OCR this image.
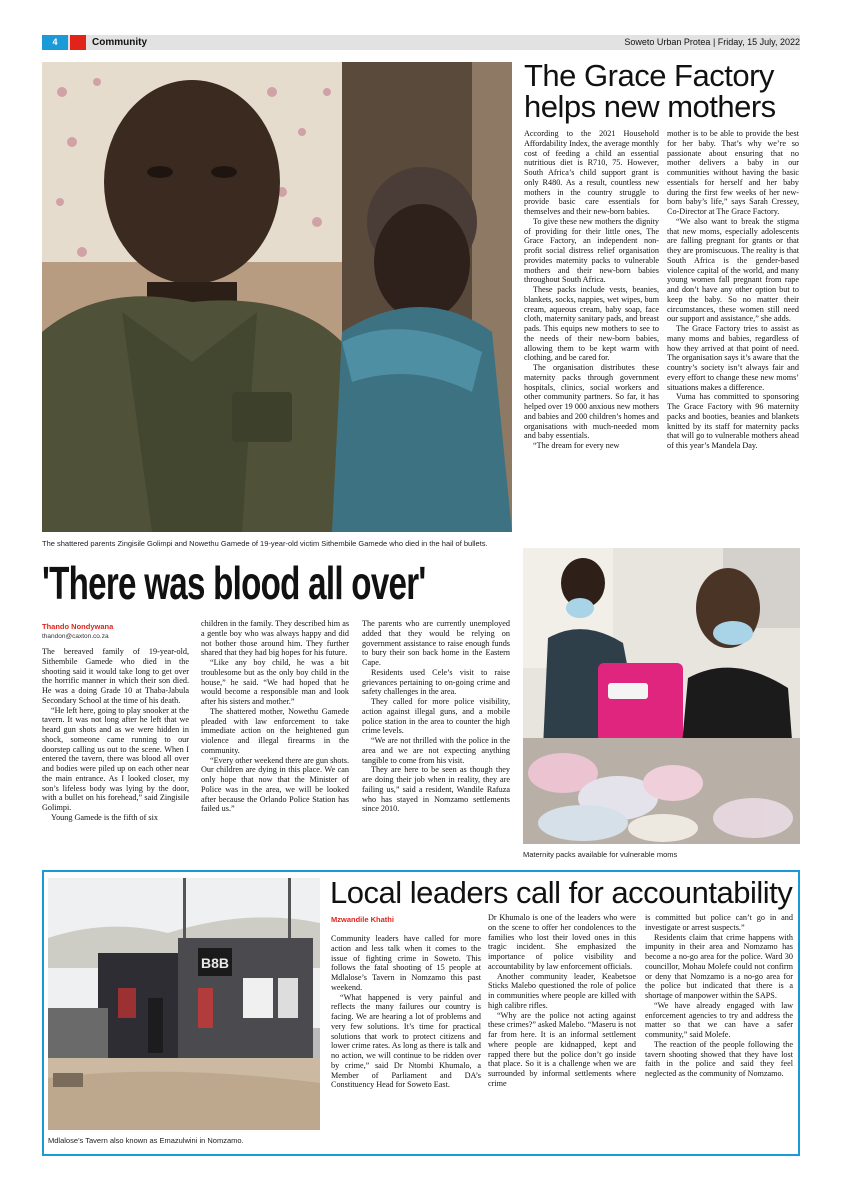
4	Community	Soweto Urban Protea | Friday, 15 July, 2022
The shattered parents Zingisile Golimpi and Nowethu Gamede of 19-year-old victim Sithembile Gamede who died in the hail of bullets.
The Grace Factory helps new mothers

According to the 2021 Household Affordability Index, the average monthly cost of feeding a child an essential nutritious diet is R710, 75. However, South Africa’s child support grant is only R480. As a result, countless new mothers in the country struggle to provide basic care essentials for themselves and their new-born babies.

To give these new mothers the dignity of providing for their little ones, The Grace Factory, an independent non-profit social distress relief organisation provides maternity packs to vulnerable mothers and their new-born babies throughout South Africa.

These packs include vests, beanies, blankets, socks, nappies, wet wipes, bum cream, aqueous cream, baby soap, face cloth, maternity sanitary pads, and breast pads. This equips new mothers to see to the needs of their new-born babies, allowing them to be kept warm with clothing, and be cared for.

The organisation distributes these maternity packs through government hospitals, clinics, social workers and other community partners. So far, it has helped over 19 000 anxious new mothers and babies and 200 children’s homes and organisations with much-needed mom and baby essentials.

“The dream for every new

mother is to be able to provide the best for her baby. That’s why we’re so passionate about ensuring that no mother delivers a baby in our communities without having the basic essentials for herself and her baby during the first few weeks of her new-born baby’s life,” says Sarah Cressey, Co-Director at The Grace Factory.

“We also want to break the stigma that new moms, especially adolescents are falling pregnant for grants or that they are promiscuous. The reality is that South Africa is the gender-based violence capital of the world, and many young women fall pregnant from rape and don’t have any other option but to keep the baby. So no matter their circumstances, these women still need our support and assistance,” she adds.

The Grace Factory tries to assist as many moms and babies, regardless of how they arrived at that point of need. The organisation says it’s aware that the country’s society isn’t always fair and every effort to change these new moms’ situations makes a difference.

Vuma has committed to sponsoring The Grace Factory with 96 maternity packs and booties, beanies and blankets knitted by its staff for maternity packs that will go to vulnerable mothers ahead of this year’s Mandela Day.

Maternity packs available for vulnerable moms
'There was blood all over'
Thando Nondywana
thandon@caxton.co.za

The bereaved family of 19-year-old, Sithembile Gamede who died in the shooting said it would take long to get over the horrific manner in which their son died. He was a doing Grade 10 at Thaba-Jabula Secondary School at the time of his death.

“He left here, going to play snooker at the tavern. It was not long after he left that we heard gun shots and as we were hidden in shock, someone came running to our doorstep calling us out to the scene. When I entered the tavern, there was blood all over and bodies were piled up on each other near the main entrance. As I looked closer, my son’s lifeless body was lying by the door, with a bullet on his forehead,” said Zingisile Golimpi.

Young Gamede is the fifth of six

children in the family. They described him as a gentle boy who was always happy and did not bother those around him. They further shared that they had big hopes for his future.

“Like any boy child, he was a bit troublesome but as the only boy child in the house,” he said. “We had hoped that he would become a responsible man and look after his sisters and mother.”

The shattered mother, Nowethu Gamede pleaded with law enforcement to take immediate action on the heightened gun violence and illegal firearms in the community.

“Every other weekend there are gun shots. Our children are dying in this place. We can only hope that now that the Minister of Police was in the area, we will be looked after because the Orlando Police Station has failed us.”

The parents who are currently unemployed added that they would be relying on government assistance to raise enough funds to bury their son back home in the Eastern Cape.

Residents used Cele’s visit to raise grievances pertaining to on-going crime and safety challenges in the area.

They called for more police visibility, action against illegal guns, and a mobile police station in the area to counter the high crime levels.

“We are not thrilled with the police in the area and we are not expecting anything tangible to come from his visit.

They are here to be seen as though they are doing their job when in reality, they are failing us,” said a resident, Wandile Rafuza who has stayed in Nomzamo settlements since 2010.

B8B
Mdlalose’s Tavern also known as Emazulwini in Nomzamo.
Local leaders call for accountability
Mzwandile Khathi

Community leaders have called for more action and less talk when it comes to the issue of fighting crime in Soweto. This follows the fatal shooting of 15 people at Mdlalose’s Tavern in Nomzamo this past weekend.

“What happened is very painful and reflects the many failures our country is facing. We are hearing a lot of problems and very few solutions. It’s time for practical solutions that work to protect citizens and lower crime rates. As long as there is talk and no action, we will continue to be ridden over by crime,” said Dr Ntombi Khumalo, a Member of Parliament and DA’s Constituency Head for Soweto East.

Dr Khumalo is one of the leaders who were on the scene to offer her condolences to the families who lost their loved ones in this tragic incident. She emphasized the importance of police visibility and accountability by law enforcement officials.

Another community leader, Keabetsoe Sticks Malebo questioned the role of police in communities where people are killed with high calibre rifles.

“Why are the police not acting against these crimes?” asked Malebo. “Maseru is not far from here. It is an informal settlement where people are kidnapped, kept and rapped there but the police don’t go inside that place. So it is a challenge when we are surrounded by informal settlements where crime

is committed but police can’t go in and investigate or arrest suspects.”

Residents claim that crime happens with impunity in their area and Nomzamo has become a no-go area for the police. Ward 30 councillor, Mohau Molefe could not confirm or deny that Nomzamo is a no-go area for the police but indicated that there is a shortage of manpower within the SAPS.

“We have already engaged with law enforcement agencies to try and address the matter so that we can have a safer community,” said Molefe.

The reaction of the people following the tavern shooting showed that they have lost faith in the police and said they feel neglected as the community of Nomzamo.
